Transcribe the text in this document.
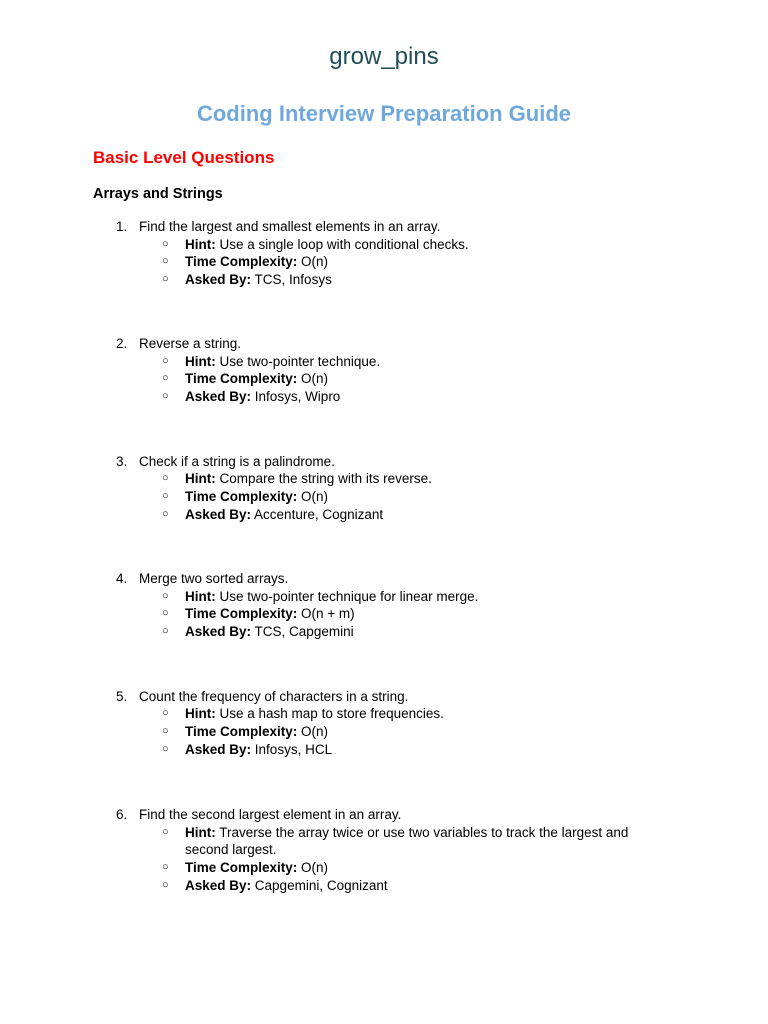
grow_pins
Coding Interview Preparation Guide
Basic Level Questions
Arrays and Strings
1. Find the largest and smallest elements in an array.
○ Hint: Use a single loop with conditional checks.
○ Time Complexity: O(n)
○ Asked By: TCS, Infosys
2. Reverse a string.
○ Hint: Use two-pointer technique.
○ Time Complexity: O(n)
○ Asked By: Infosys, Wipro
3. Check if a string is a palindrome.
○ Hint: Compare the string with its reverse.
○ Time Complexity: O(n)
○ Asked By: Accenture, Cognizant
4. Merge two sorted arrays.
○ Hint: Use two-pointer technique for linear merge.
○ Time Complexity: O(n + m)
○ Asked By: TCS, Capgemini
5. Count the frequency of characters in a string.
○ Hint: Use a hash map to store frequencies.
○ Time Complexity: O(n)
○ Asked By: Infosys, HCL
6. Find the second largest element in an array.
○ Hint: Traverse the array twice or use two variables to track the largest and second largest.
○ Time Complexity: O(n)
○ Asked By: Capgemini, Cognizant
